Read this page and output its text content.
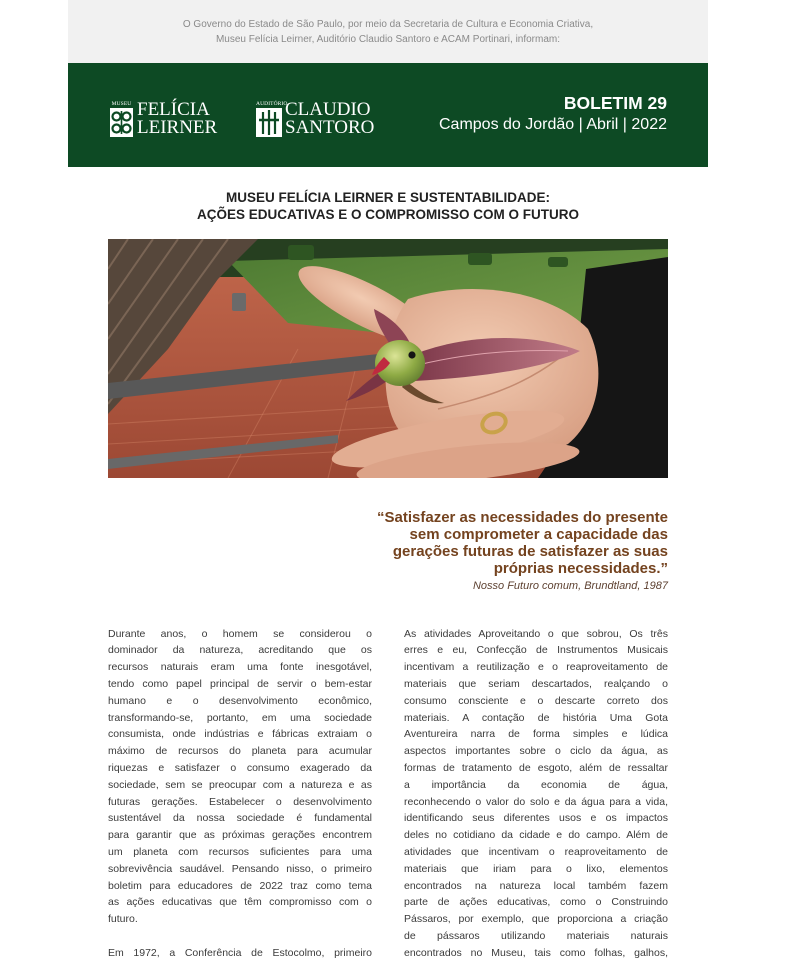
O Governo do Estado de São Paulo, por meio da Secretaria de Cultura e Economia Criativa,
Museu Felícia Leirner, Auditório Claudio Santoro e ACAM Portinari, informam:
MUSEU FELÍCIA
LEIRNER
AUDITÓRIO
CLAUDIO
SANTORO
BOLETIM 29
Campos do Jordão | Abril | 2022
MUSEU FELÍCIA LEIRNER E SUSTENTABILIDADE:
AÇÕES EDUCATIVAS E O COMPROMISSO COM O FUTURO
“Satisfazer as necessidades do presente
sem comprometer a capacidade das
gerações futuras de satisfazer as suas
próprias necessidades.”
Nosso Futuro comum, Brundtland, 1987
Durante anos, o homem se considerou o
dominador da natureza, acreditando que os
recursos naturais eram uma fonte inesgotável,
tendo como papel principal de servir o bem-estar
humano e o desenvolvimento econômico,
transformando-se, portanto, em uma sociedade
consumista, onde indústrias e fábricas extraiam o
máximo de recursos do planeta para acumular
riquezas e satisfazer o consumo exagerado da
sociedade, sem se preocupar com a natureza e as
futuras gerações. Estabelecer o desenvolvimento
sustentável da nossa sociedade é fundamental
para garantir que as próximas gerações encontrem
um planeta com recursos suficientes para uma
sobrevivência saudável. Pensando nisso, o primeiro
boletim para educadores de 2022 traz como tema
as ações educativas que têm compromisso com o
futuro.
Em 1972, a Conferência de Estocolmo, primeiro
As atividades Aproveitando o que sobrou, Os três
erres e eu, Confecção de Instrumentos Musicais
incentivam a reutilização e o reaproveitamento de
materiais que seriam descartados, realçando o
consumo consciente e o descarte correto dos
materiais. A contação de história Uma Gota
Aventureira narra de forma simples e lúdica
aspectos importantes sobre o ciclo da água, as
formas de tratamento de esgoto, além de ressaltar
a importância da economia de água,
reconhecendo o valor do solo e da água para a vida,
identificando seus diferentes usos e os impactos
deles no cotidiano da cidade e do campo. Além de
atividades que incentivam o reaproveitamento de
materiais que iriam para o lixo, elementos
encontrados na natureza local também fazem
parte de ações educativas, como o Construindo
Pássaros, por exemplo, que proporciona a criação
de pássaros utilizando materiais naturais
encontrados no Museu, tais como folhas, galhos,
